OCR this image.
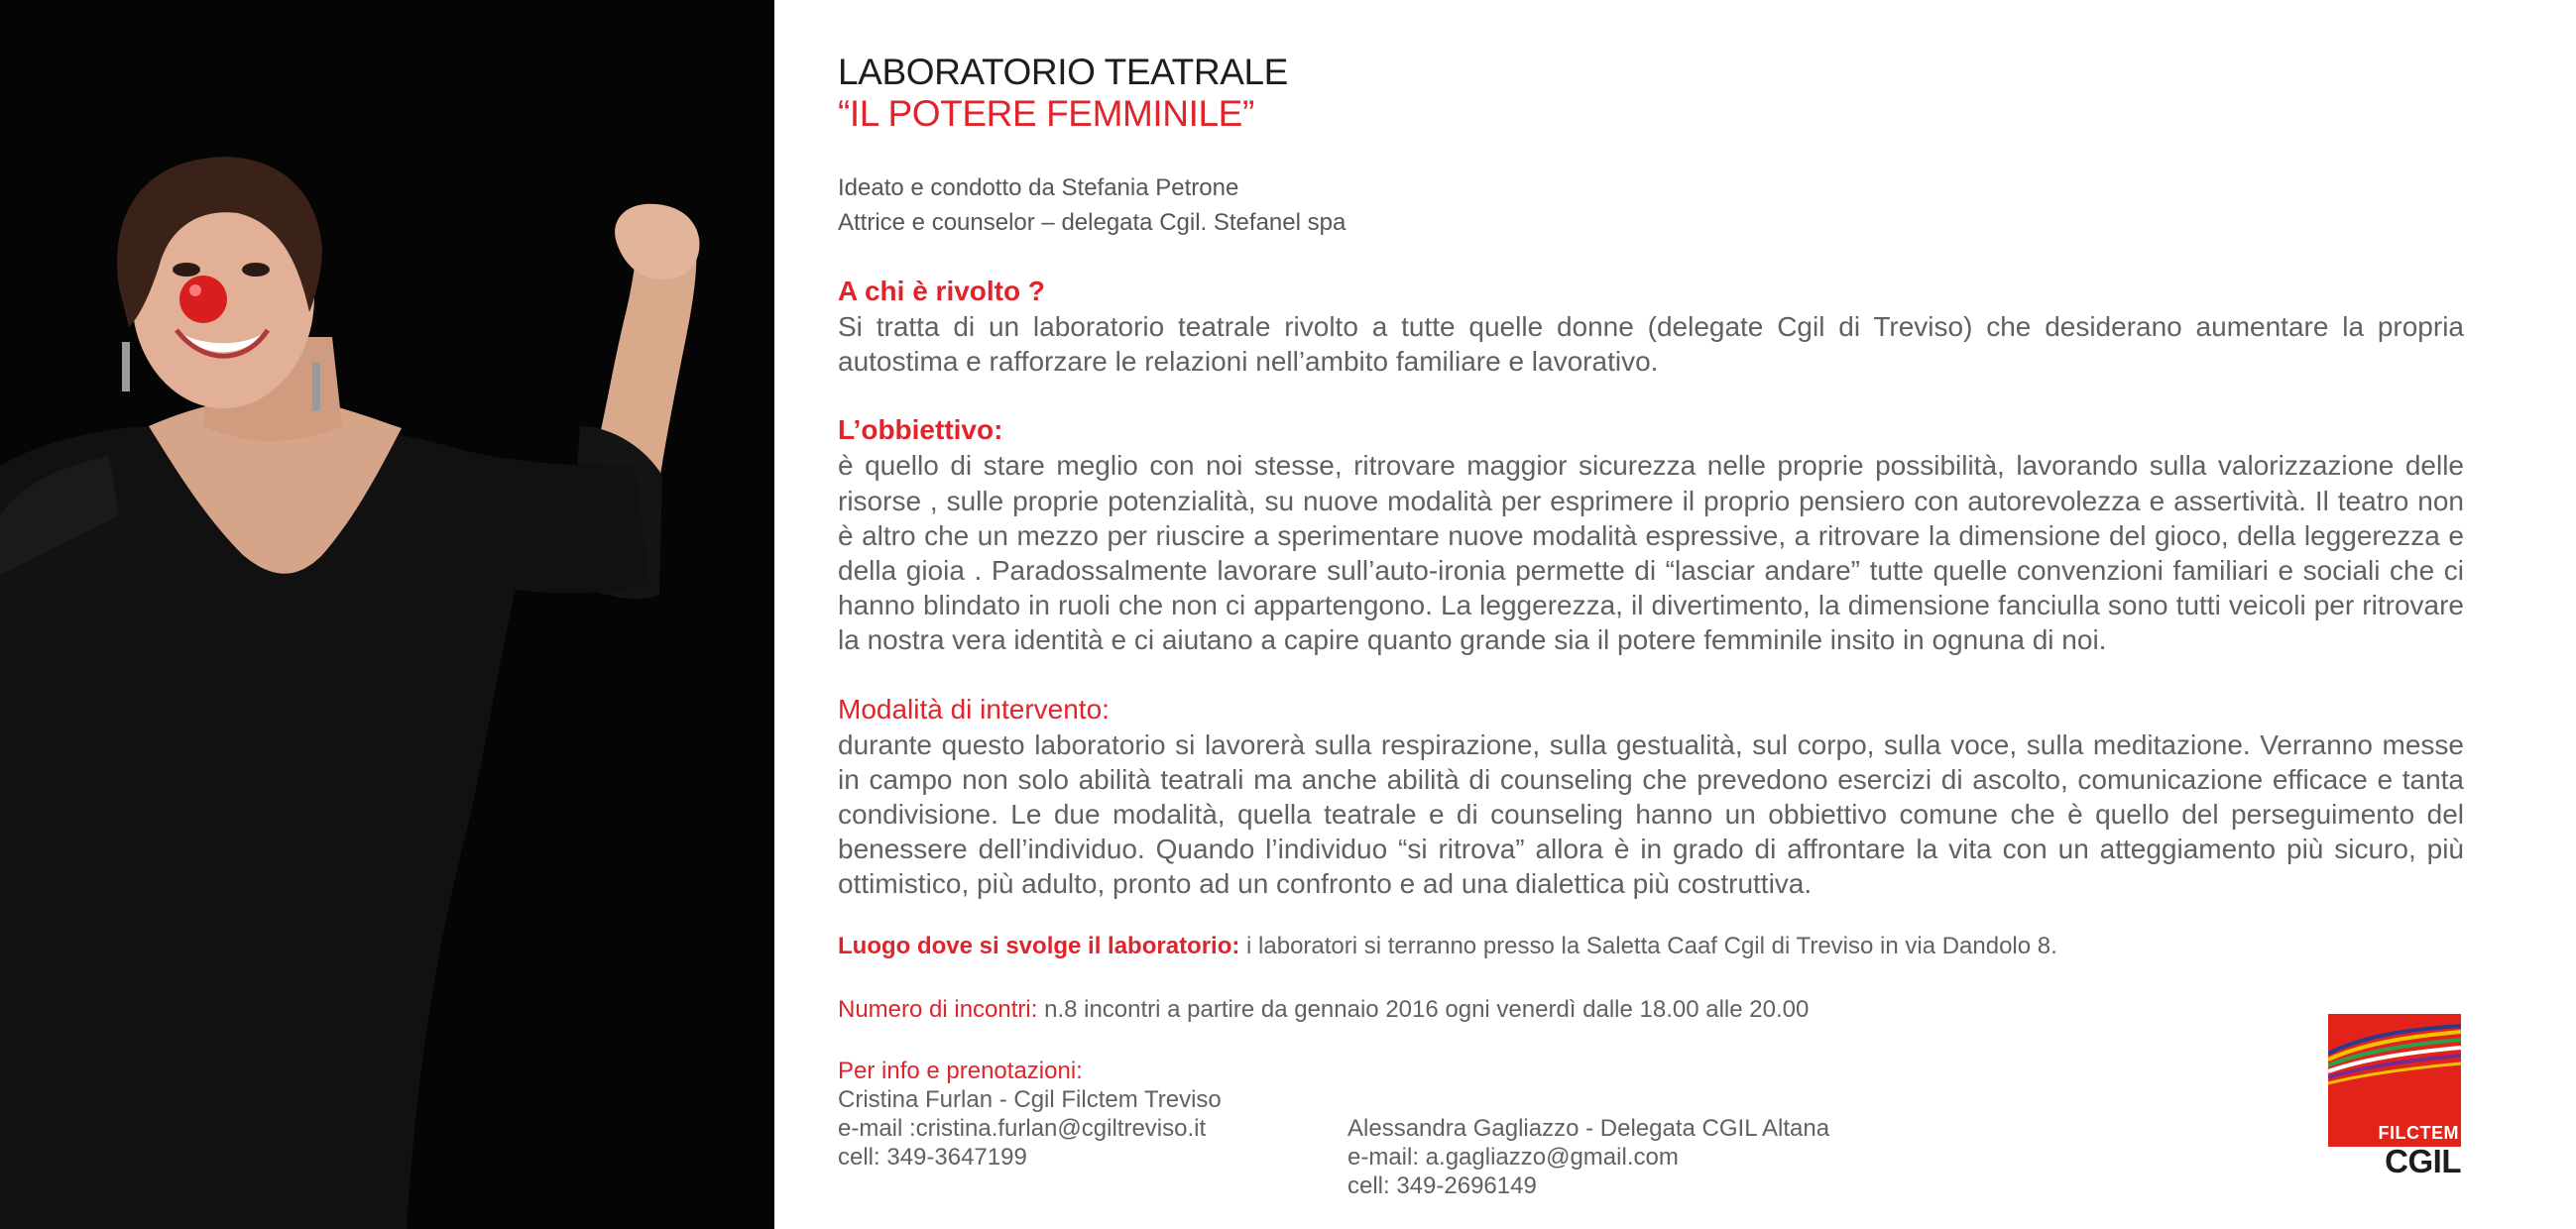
LABORATORIO TEATRALE
“IL POTERE FEMMINILE”
Ideato e condotto da Stefania Petrone
Attrice e counselor – delegata Cgil. Stefanel spa

A chi è rivolto ?

Si tratta di un laboratorio teatrale rivolto a tutte quelle donne (delegate Cgil di Treviso) che desiderano aumentare la propria autostima e rafforzare le relazioni nell’ambito familiare e lavorativo.

L’obbiettivo:

è quello di stare meglio con noi stesse, ritrovare maggior sicurezza nelle proprie possibilità, lavorando sulla valorizzazione delle risorse , sulle proprie potenzialità, su nuove modalità per esprimere il proprio pensiero con autorevolezza e assertività. Il teatro non è altro che un mezzo per riuscire a sperimentare nuove modalità espressive, a ritrovare la dimensione del gioco, della leggerezza e della gioia . Paradossalmente lavorare sull’auto-ironia permette di “lasciar andare” tutte quelle convenzioni familiari e sociali che ci hanno blindato in ruoli che non ci appartengono. La leggerezza, il divertimento, la dimensione fanciulla sono tutti veicoli per ritrovare la nostra vera identità e ci aiutano a capire quanto grande sia il potere femminile insito in ognuna di noi.

Modalità di intervento:

durante questo laboratorio si lavorerà sulla respirazione, sulla gestualità, sul corpo, sulla voce, sulla meditazione. Verranno messe in campo non solo abilità teatrali ma anche abilità di counseling che prevedono esercizi di ascolto, comunicazione efficace e tanta condivisione. Le due modalità, quella teatrale e di counseling hanno un obbiettivo comune che è quello del perseguimento del benessere dell’individuo. Quando l’individuo “si ritrova” allora è in grado di affrontare la vita con un atteggiamento più sicuro, più ottimistico, più adulto, pronto ad un confronto e ad una dialettica più costruttiva.

Luogo dove si svolge il laboratorio: i laboratori si terranno presso la Saletta Caaf Cgil di Treviso in via Dandolo 8.

Numero di incontri: n.8 incontri a partire da gennaio 2016 ogni venerdì dalle 18.00 alle 20.00

Per info e prenotazioni:
Cristina Furlan - Cgil Filctem Treviso
e-mail :cristina.furlan@cgiltreviso.it
cell: 349-3647199
Alessandra Gagliazzo - Delegata CGIL Altana
e-mail: a.gagliazzo@gmail.com
cell: 349-2696149
FILCTEM
CGIL
